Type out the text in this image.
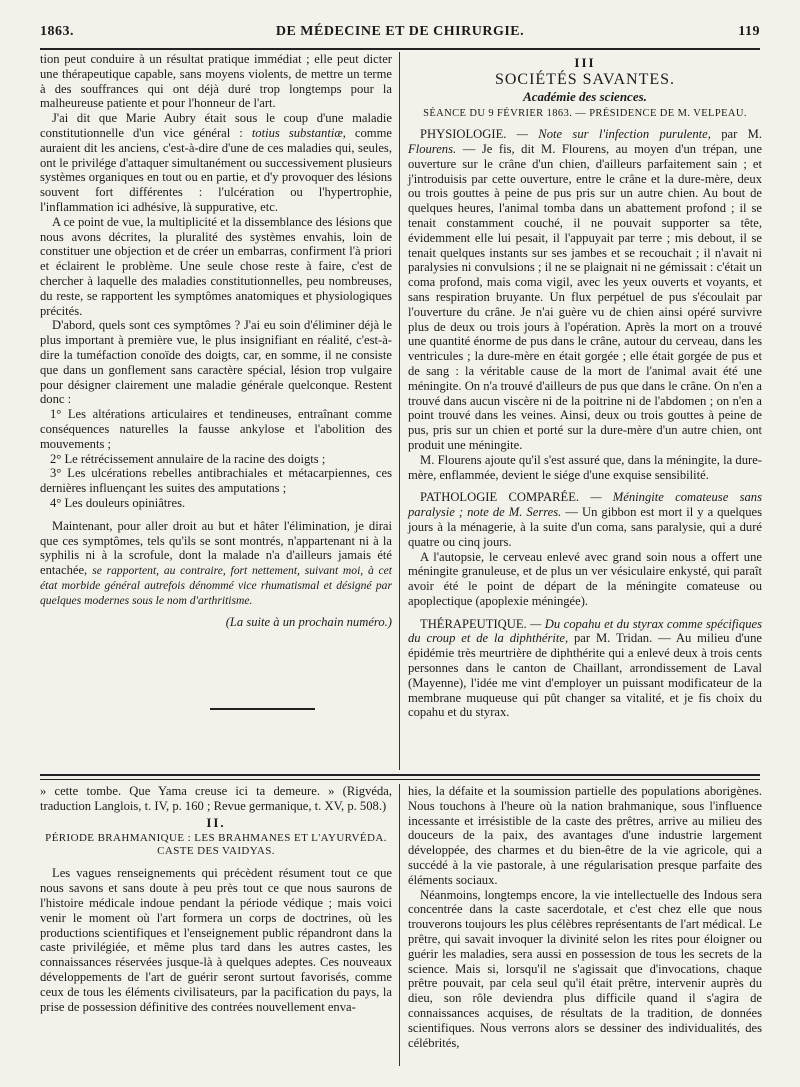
1863.	DE MÉDECINE ET DE CHIRURGIE.	119

tion peut conduire à un résultat pratique immédiat ; elle peut dicter une thérapeutique capable, sans moyens violents, de mettre un terme à des souffrances qui ont déjà duré trop longtemps pour la malheureuse patiente et pour l'honneur de l'art.

J'ai dit que Marie Aubry était sous le coup d'une maladie constitutionnelle d'un vice général : totius substantiæ, comme auraient dit les anciens, c'est-à-dire d'une de ces maladies qui, seules, ont le privilége d'attaquer simultanément ou successivement plusieurs systèmes organiques en tout ou en partie, et d'y provoquer des lésions souvent fort différentes : l'ulcération ou l'hypertrophie, l'inflammation ici adhésive, là suppurative, etc.

A ce point de vue, la multiplicité et la dissemblance des lésions que nous avons décrites, la pluralité des systèmes envahis, loin de constituer une objection et de créer un embarras, confirment l'à priori et éclairent le problème. Une seule chose reste à faire, c'est de chercher à laquelle des maladies constitutionnelles, peu nombreuses, du reste, se rapportent les symptômes anatomiques et physiologiques précités.

D'abord, quels sont ces symptômes ? J'ai eu soin d'éliminer déjà le plus important à première vue, le plus insignifiant en réalité, c'est-à-dire la tuméfaction conoïde des doigts, car, en somme, il ne consiste que dans un gonflement sans caractère spécial, lésion trop vulgaire pour désigner clairement une maladie générale quelconque. Restent donc :

1° Les altérations articulaires et tendineuses, entraînant comme conséquences naturelles la fausse ankylose et l'abolition des mouvements ;

2° Le rétrécissement annulaire de la racine des doigts ;

3° Les ulcérations rebelles antibrachiales et métacarpiennes, ces dernières influençant les suites des amputations ;

4° Les douleurs opiniâtres.

Maintenant, pour aller droit au but et hâter l'élimination, je dirai que ces symptômes, tels qu'ils se sont montrés, n'appartenant ni à la syphilis ni à la scrofule, dont la malade n'a d'ailleurs jamais été entachée, se rapportent, au contraire, fort nettement, suivant moi, à cet état morbide général autrefois dénommé vice rhumatismal et désigné par quelques modernes sous le nom d'arthritisme.

(La suite à un prochain numéro.)

III
SOCIÉTÉS SAVANTES.
Académie des sciences.
SÉANCE DU 9 FÉVRIER 1863. — PRÉSIDENCE DE M. VELPEAU.

PHYSIOLOGIE. — Note sur l'infection purulente, par M. Flourens. — Je fis, dit M. Flourens, au moyen d'un trépan, une ouverture sur le crâne d'un chien, d'ailleurs parfaitement sain ; et j'introduisis par cette ouverture, entre le crâne et la dure-mère, deux ou trois gouttes à peine de pus pris sur un autre chien. Au bout de quelques heures, l'animal tomba dans un abattement profond ; il se tenait constamment couché, il ne pouvait supporter sa tête, évidemment elle lui pesait, il l'appuyait par terre ; mis debout, il se tenait quelques instants sur ses jambes et se recouchait ; il n'avait ni paralysies ni convulsions ; il ne se plaignait ni ne gémissait : c'était un coma profond, mais coma vigil, avec les yeux ouverts et voyants, et sans respiration bruyante. Un flux perpétuel de pus s'écoulait par l'ouverture du crâne. Je n'ai guère vu de chien ainsi opéré survivre plus de deux ou trois jours à l'opération. Après la mort on a trouvé une quantité énorme de pus dans le crâne, autour du cerveau, dans les ventricules ; la dure-mère en était gorgée ; elle était gorgée de pus et de sang : la véritable cause de la mort de l'animal avait été une méningite. On n'a trouvé d'ailleurs de pus que dans le crâne. On n'en a trouvé dans aucun viscère ni de la poitrine ni de l'abdomen ; on n'en a point trouvé dans les veines. Ainsi, deux ou trois gouttes à peine de pus, pris sur un chien et porté sur la dure-mère d'un autre chien, ont produit une méningite.

M. Flourens ajoute qu'il s'est assuré que, dans la méningite, la dure-mère, enflammée, devient le siége d'une exquise sensibilité.

PATHOLOGIE COMPARÉE. — Méningite comateuse sans paralysie ; note de M. Serres. — Un gibbon est mort il y a quelques jours à la ménagerie, à la suite d'un coma, sans paralysie, qui a duré quatre ou cinq jours.

A l'autopsie, le cerveau enlevé avec grand soin nous a offert une méningite granuleuse, et de plus un ver vésiculaire enkysté, qui paraît avoir été le point de départ de la méningite comateuse ou apoplectique (apoplexie méningée).

THÉRAPEUTIQUE. — Du copahu et du styrax comme spécifiques du croup et de la diphthérite, par M. Tridan. — Au milieu d'une épidémie très meurtrière de diphthérite qui a enlevé deux à trois cents personnes dans le canton de Chaillant, arrondissement de Laval (Mayenne), l'idée me vint d'employer un puissant modificateur de la membrane muqueuse qui pût changer sa vitalité, et je fis choix du copahu et du styrax.

» cette tombe. Que Yama creuse ici ta demeure. » (Rigvéda, traduction Langlois, t. IV, p. 160 ; Revue germanique, t. XV, p. 508.)

II.
PÉRIODE BRAHMANIQUE : LES BRAHMANES ET L'AYURVÉDA.
CASTE DES VAIDYAS.

Les vagues renseignements qui précèdent résument tout ce que nous savons et sans doute à peu près tout ce que nous saurons de l'histoire médicale indoue pendant la période védique ; mais voici venir le moment où l'art formera un corps de doctrines, où les productions scientifiques et l'enseignement public répandront dans la caste privilégiée, et même plus tard dans les autres castes, les connaissances réservées jusque-là à quelques adeptes. Ces nouveaux développements de l'art de guérir seront surtout favorisés, comme ceux de tous les éléments civilisateurs, par la pacification du pays, la prise de possession définitive des contrées nouvellement enva-

hies, la défaite et la soumission partielle des populations aborigènes. Nous touchons à l'heure où la nation brahmanique, sous l'influence incessante et irrésistible de la caste des prêtres, arrive au milieu des douceurs de la paix, des avantages d'une industrie largement développée, des charmes et du bien-être de la vie agricole, qui a succédé à la vie pastorale, à une régularisation presque parfaite des éléments sociaux.

Néanmoins, longtemps encore, la vie intellectuelle des Indous sera concentrée dans la caste sacerdotale, et c'est chez elle que nous trouverons toujours les plus célèbres représentants de l'art médical. Le prêtre, qui savait invoquer la divinité selon les rites pour éloigner ou guérir les maladies, sera aussi en possession de tous les secrets de la science. Mais si, lorsqu'il ne s'agissait que d'invocations, chaque prêtre pouvait, par cela seul qu'il était prêtre, intervenir auprès du dieu, son rôle deviendra plus difficile quand il s'agira de connaissances acquises, de résultats de la tradition, de données scientifiques. Nous verrons alors se dessiner des individualités, des célébrités,
